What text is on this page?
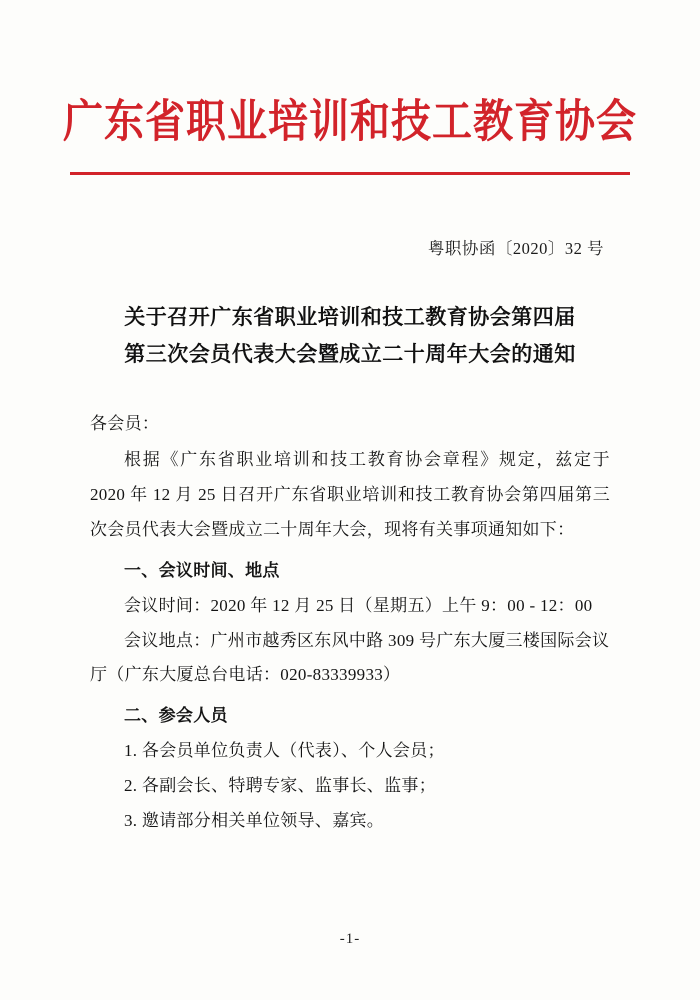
广东省职业培训和技工教育协会
粤职协函〔2020〕32 号
关于召开广东省职业培训和技工教育协会第四届
第三次会员代表大会暨成立二十周年大会的通知
各会员：
根据《广东省职业培训和技工教育协会章程》规定，兹定于 2020 年 12 月 25 日召开广东省职业培训和技工教育协会第四届第三次会员代表大会暨成立二十周年大会，现将有关事项通知如下：
一、会议时间、地点
会议时间：2020 年 12 月 25 日（星期五）上午 9：00 - 12：00
会议地点：广州市越秀区东风中路 309 号广东大厦三楼国际会议厅（广东大厦总台电话：020-83339933）
二、参会人员
1. 各会员单位负责人（代表）、个人会员；
2. 各副会长、特聘专家、监事长、监事；
3. 邀请部分相关单位领导、嘉宾。
-1-
